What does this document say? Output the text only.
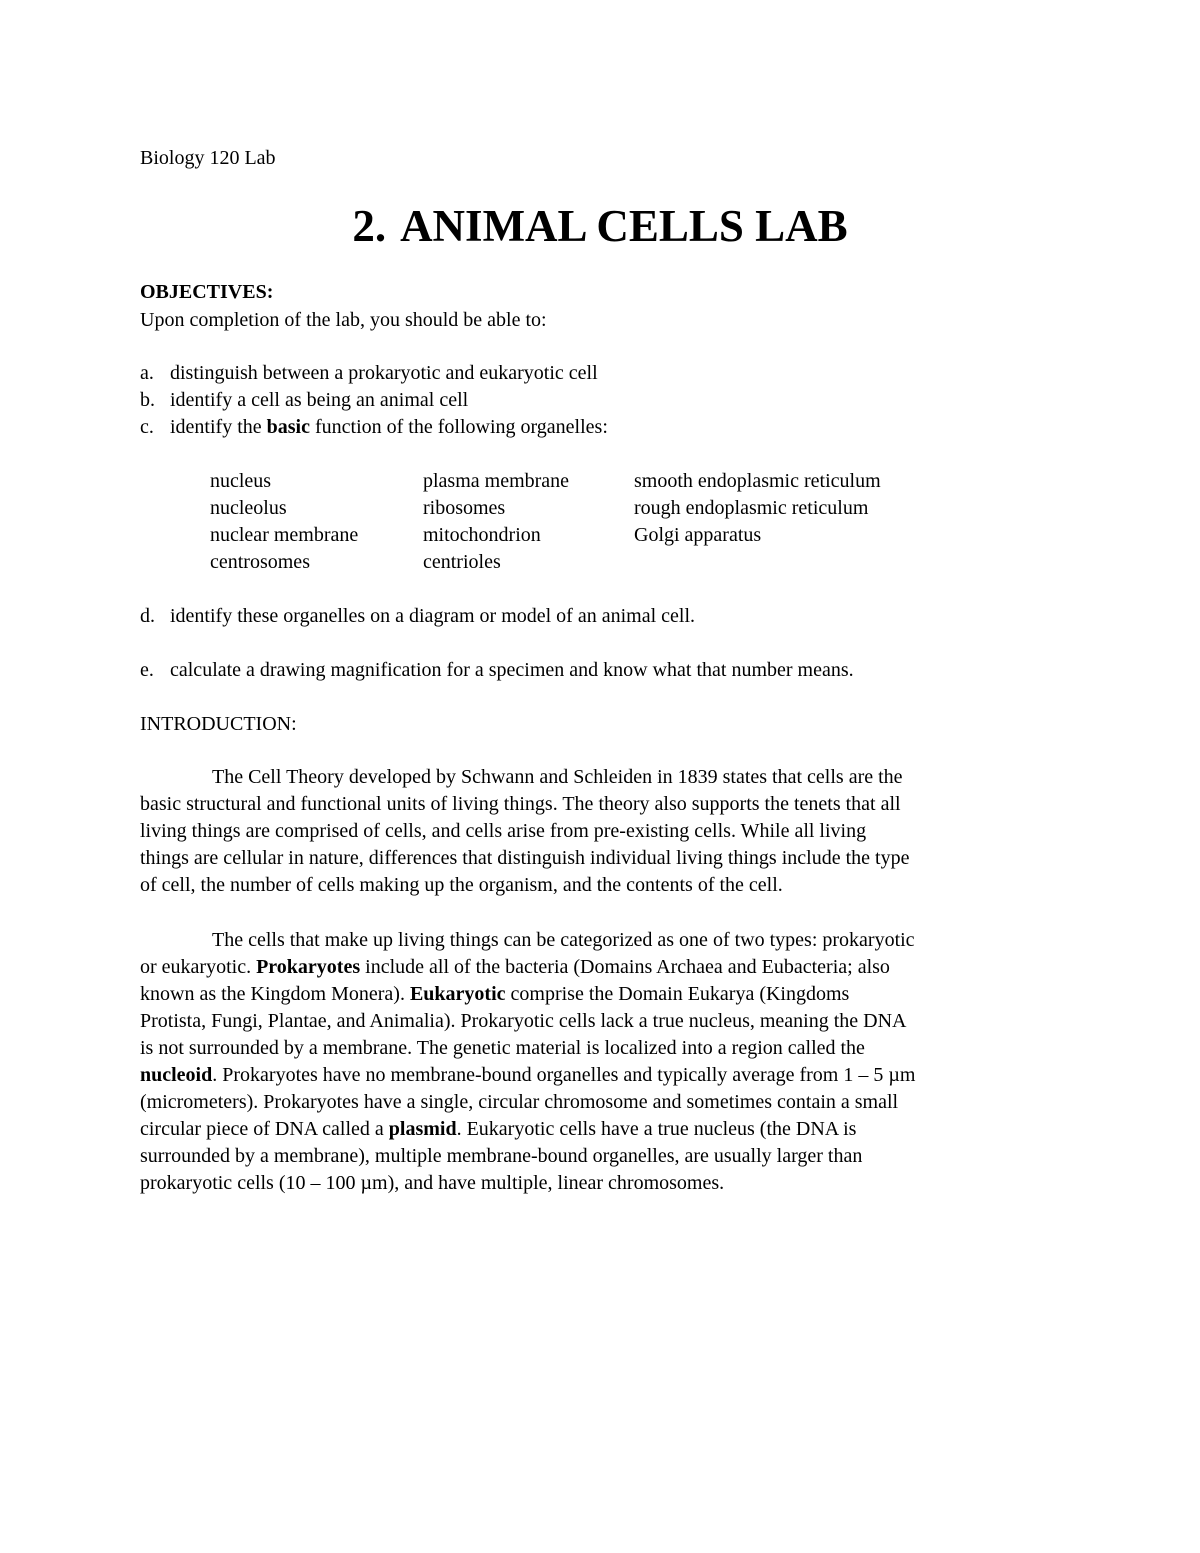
Biology 120 Lab
2. ANIMAL CELLS LAB
OBJECTIVES:
Upon completion of the lab, you should be able to:
a. distinguish between a prokaryotic and eukaryotic cell
b. identify a cell as being an animal cell
c. identify the basic function of the following organelles:
nucleus
nucleolus
nuclear membrane
centrosomes
plasma membrane
ribosomes
mitochondrion
centrioles
smooth endoplasmic reticulum
rough endoplasmic reticulum
Golgi apparatus
d. identify these organelles on a diagram or model of an animal cell.
e. calculate a drawing magnification for a specimen and know what that number means.
INTRODUCTION:
The Cell Theory developed by Schwann and Schleiden in 1839 states that cells are the
basic structural and functional units of living things. The theory also supports the tenets that all
living things are comprised of cells, and cells arise from pre-existing cells. While all living
things are cellular in nature, differences that distinguish individual living things include the type
of cell, the number of cells making up the organism, and the contents of the cell.
The cells that make up living things can be categorized as one of two types: prokaryotic
or eukaryotic. Prokaryotes include all of the bacteria (Domains Archaea and Eubacteria; also
known as the Kingdom Monera). Eukaryotic comprise the Domain Eukarya (Kingdoms
Protista, Fungi, Plantae, and Animalia). Prokaryotic cells lack a true nucleus, meaning the DNA
is not surrounded by a membrane. The genetic material is localized into a region called the
nucleoid. Prokaryotes have no membrane-bound organelles and typically average from 1 – 5 µm
(micrometers). Prokaryotes have a single, circular chromosome and sometimes contain a small
circular piece of DNA called a plasmid. Eukaryotic cells have a true nucleus (the DNA is
surrounded by a membrane), multiple membrane-bound organelles, are usually larger than
prokaryotic cells (10 – 100 µm), and have multiple, linear chromosomes.
